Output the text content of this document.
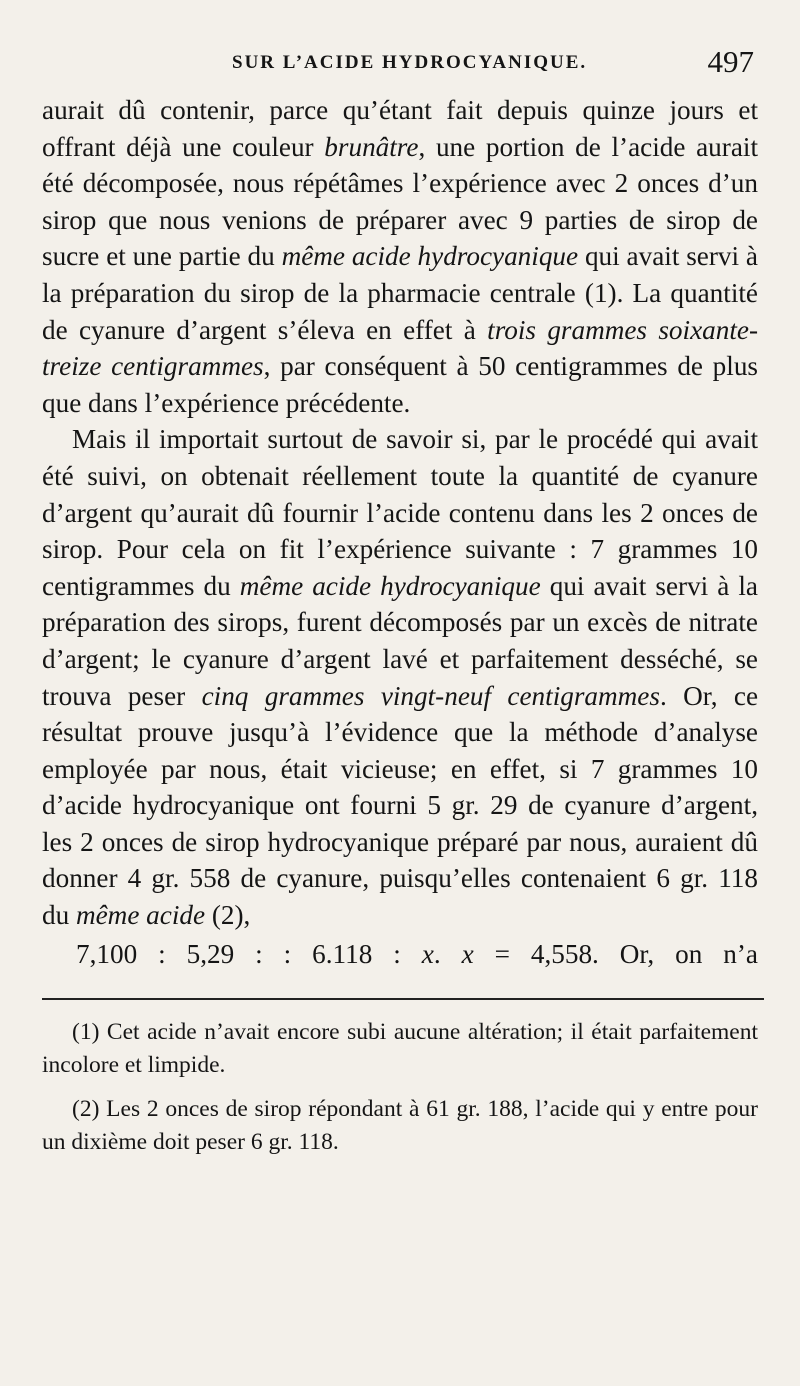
SUR L’ACIDE HYDROCYANIQUE.	497

aurait dû contenir, parce qu’étant fait depuis quinze jours et offrant déjà une couleur brunâtre, une portion de l’acide aurait été décomposée, nous répétâmes l’expérience avec 2 onces d’un sirop que nous venions de préparer avec 9 parties de sirop de sucre et une partie du même acide hydrocyanique qui avait servi à la préparation du sirop de la pharmacie centrale (1). La quantité de cyanure d’argent s’éleva en effet à trois grammes soixante-treize centigrammes, par conséquent à 50 centigrammes de plus que dans l’expérience précédente.

Mais il importait surtout de savoir si, par le procédé qui avait été suivi, on obtenait réellement toute la quantité de cyanure d’argent qu’aurait dû fournir l’acide contenu dans les 2 onces de sirop. Pour cela on fit l’expérience suivante : 7 grammes 10 centigrammes du même acide hydrocyanique qui avait servi à la préparation des sirops, furent décomposés par un excès de nitrate d’argent; le cyanure d’argent lavé et parfaitement desséché, se trouva peser cinq grammes vingt-neuf centigrammes. Or, ce résultat prouve jusqu’à l’évidence que la méthode d’analyse employée par nous, était vicieuse; en effet, si 7 grammes 10 d’acide hydrocyanique ont fourni 5 gr. 29 de cyanure d’argent, les 2 onces de sirop hydrocyanique préparé par nous, auraient dû donner 4 gr. 558 de cyanure, puisqu’elles contenaient 6 gr. 118 du même acide (2),

7,100 : 5,29 : : 6.118 : x. x = 4,558. Or, on n’a

(1) Cet acide n’avait encore subi aucune altération; il était parfaitement incolore et limpide.

(2) Les 2 onces de sirop répondant à 61 gr. 188, l’acide qui y entre pour un dixième doit peser 6 gr. 118.
